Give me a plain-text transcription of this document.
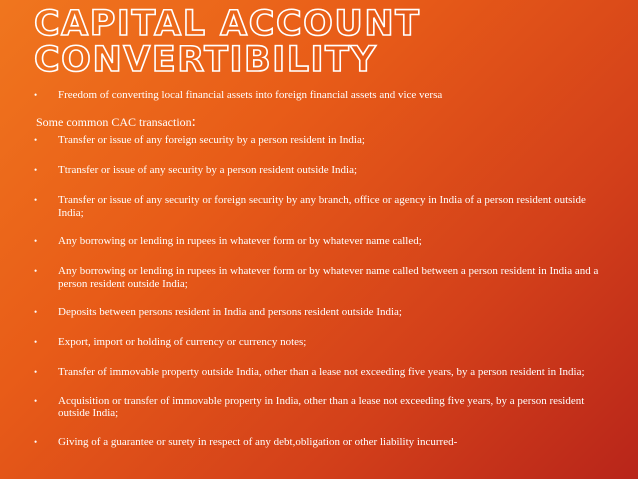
CAPITAL ACCOUNT
CONVERTIBILITY
•	Freedom of converting local financial assets into foreign financial assets and vice versa
Some common CAC transaction:
•	Transfer or issue of any foreign security by a person resident in India;
•	Ttransfer or issue of any security by a person resident outside India;
•	Transfer or issue of any security or foreign security by any branch, office or agency in India of a person resident outside India;
•	Any borrowing or lending in rupees in whatever form or by whatever name called;
•	Any borrowing or lending in rupees in whatever form or by whatever name called between a person resident in India and a person resident outside India;
•	Deposits between persons resident in India and persons resident outside India;
•	Export, import or holding of currency or currency notes;
•	Transfer of immovable property outside India, other than a lease not exceeding five years, by a person resident in India;
•	Acquisition or transfer of immovable property in India, other than a lease not exceeding five years, by a person resident outside India;
•	Giving of a guarantee or surety in respect of any debt,obligation or other liability incurred-
